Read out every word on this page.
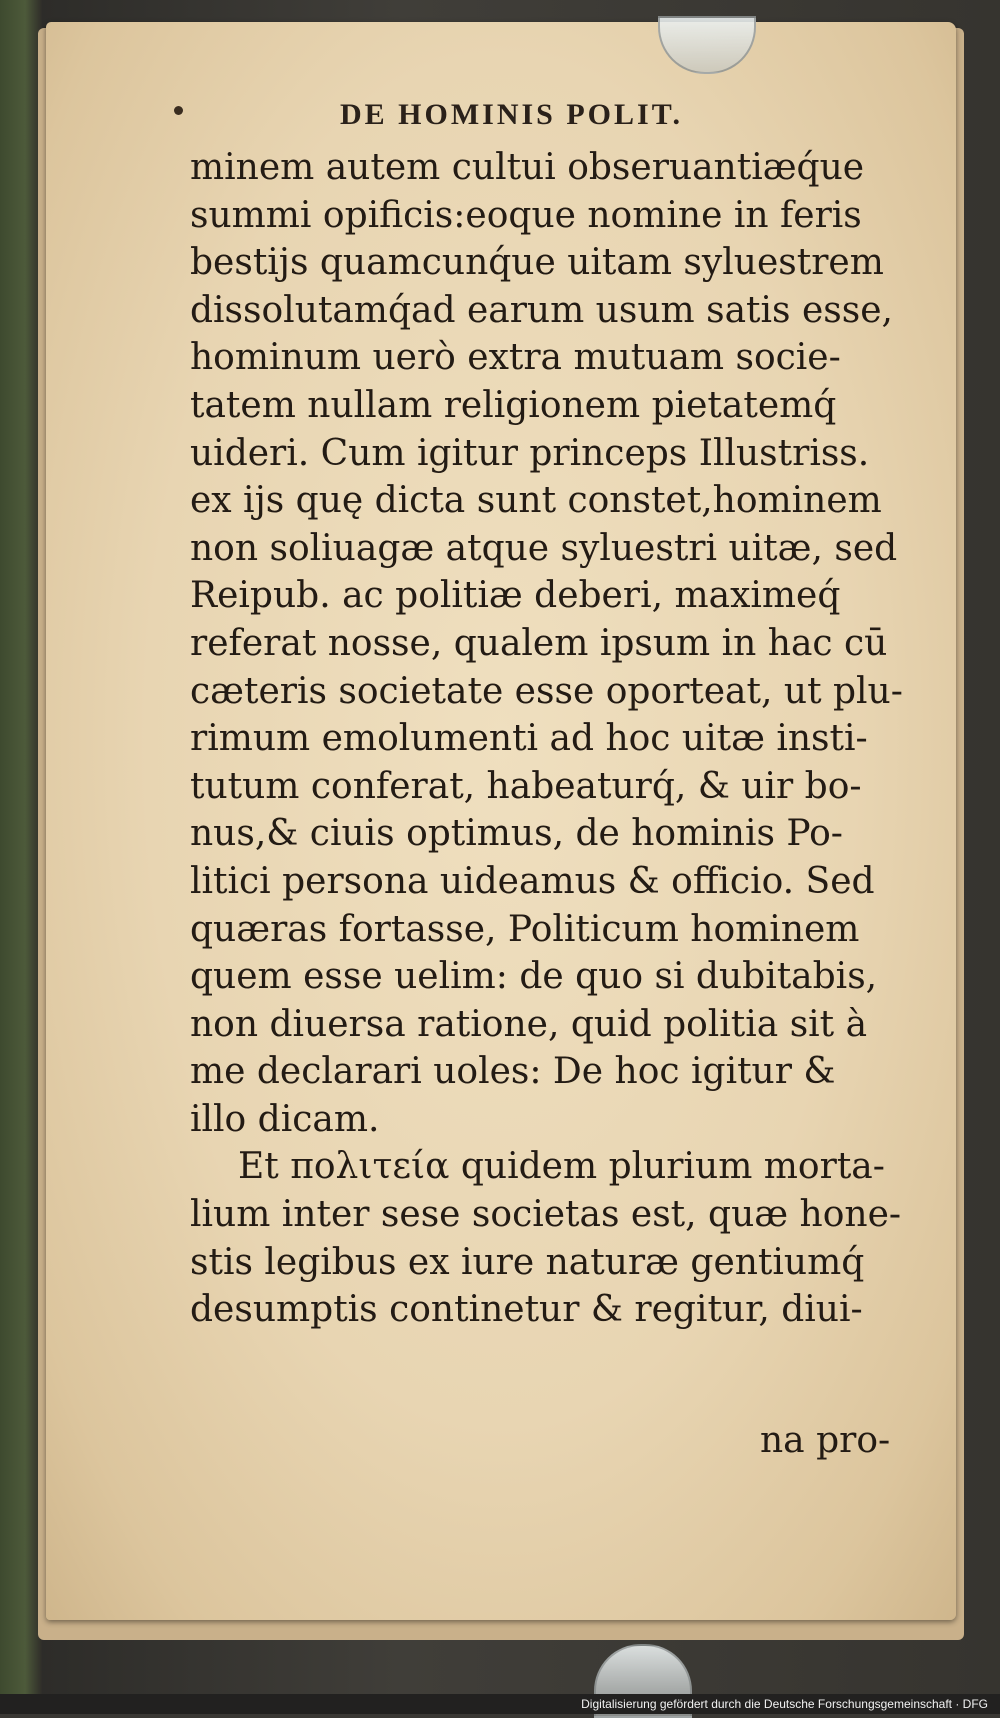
DE HOMINIS POLIT.

minem autem cultui obseruantiæq́ue

summi opificis:eoque nomine in feris

bestijs quamcunq́ue uitam syluestrem

dissolutamq́ad earum usum satis esse,

hominum uerò extra mutuam socie-

tatem nullam religionem pietatemq́

uideri. Cum igitur princeps Illustriss.

ex ijs quę dicta sunt constet,hominem

non soliuagæ atque syluestri uitæ, sed

Reipub. ac politiæ deberi, maximeq́

referat nosse, qualem ipsum in hac cū

cæteris societate esse oporteat, ut plu-

rimum emolumenti ad hoc uitæ insti-

tutum conferat, habeaturq́, & uir bo-

nus,& ciuis optimus, de hominis Po-

litici persona uideamus & officio. Sed

quæras fortasse, Politicum hominem

quem esse uelim: de quo si dubitabis,

non diuersa ratione, quid politia sit à

me declarari uoles: De hoc igitur &

illo dicam.

Et πολιτεία quidem plurium morta-

lium inter sese societas est, quæ hone-

stis legibus ex iure naturæ gentiumq́

desumptis continetur & regitur, diui-

na pro-

Digitalisierung gefördert durch die Deutsche Forschungsgemeinschaft · DFG
